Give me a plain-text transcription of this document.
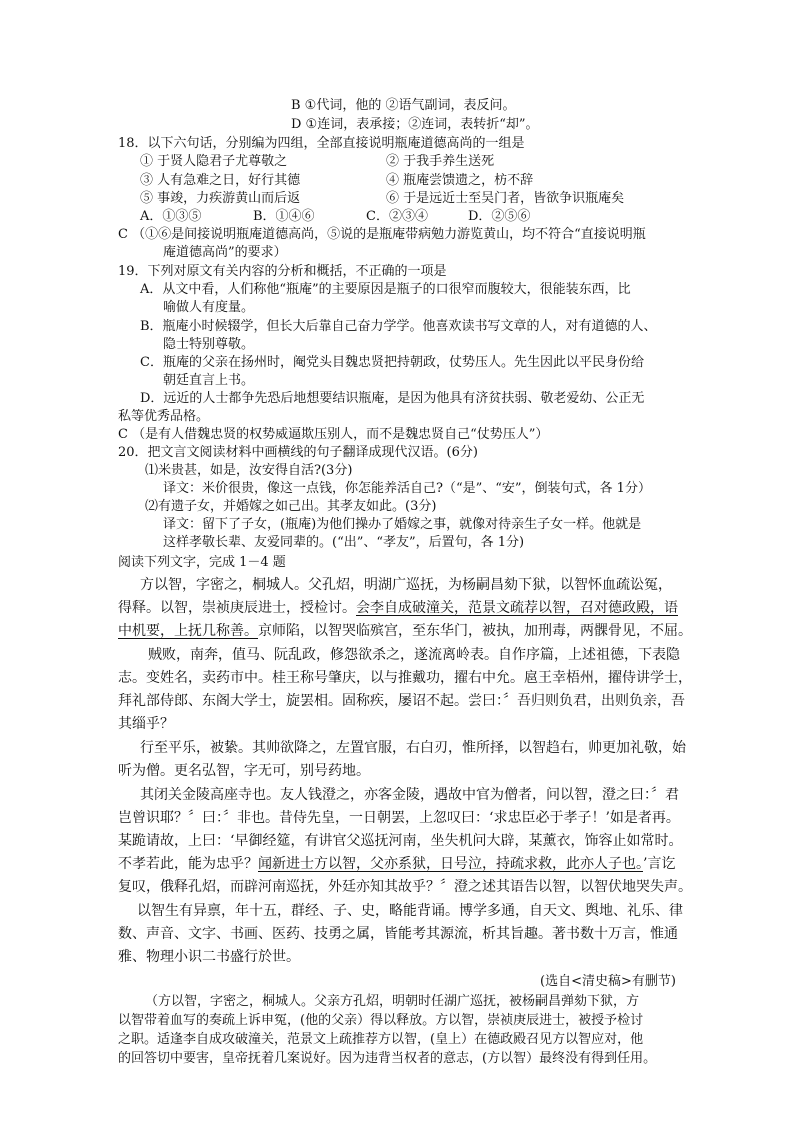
B ①代词，他的 ②语气副词，表反问。
D ①连词，表承接；②连词，表转折“却”。
18．以下六句话，分别编为四组，全部直接说明瓶庵道德高尚的一组是
① 于贤人隐君子尤尊敬之	② 于我手养生送死
③ 人有急难之日，好行其德	④ 瓶庵尝馈遗之，枋不辞
⑤ 事竣，力疾游黄山而后返	⑥ 于是远近士至吴门者，皆欲争识瓶庵矣
A．①③⑤	B．①④⑥	C．②③④	D．②⑤⑥
C （①⑥是间接说明瓶庵道德高尚，⑤说的是瓶庵带病勉力游览黄山，均不符合“直接说明瓶
庵道德高尚”的要求）
19．下列对原文有关内容的分析和概括，不正确的一项是
A．从文中看，人们称他“瓶庵”的主要原因是瓶子的口很窄而腹较大，很能装东西，比
喻做人有度量。
B．瓶庵小时候辍学，但长大后靠自己奋力学学。他喜欢读书写文章的人，对有道德的人、
隐士特别尊敬。
C．瓶庵的父亲在扬州时，阉党头目魏忠贤把持朝政，仗势压人。先生因此以平民身份给
朝廷直言上书。
D．远近的人士都争先恐后地想要结识瓶庵，是因为他具有济贫扶弱、敬老爱幼、公正无
私等优秀品格。
C （是有人借魏忠贤的权势威逼欺压别人，而不是魏忠贤自己“仗势压人”）
20．把文言文阅读材料中画横线的句子翻译成现代汉语。(6分)
⑴米贵甚，如是，汝安得自活?(3分)
译文：米价很贵，像这一点钱，你怎能养活自己?（“是”、“安”，倒装句式，各 1分）
⑵有遗子女，并婚嫁之如己出。其孝友如此。(3分)
译文：留下了子女，(瓶庵)为他们操办了婚嫁之事，就像对待亲生子女一样。他就是
这样孝敬长辈、友爱同辈的。(“出”、“孝友”，后置句，各 1分)
阅读下列文字，完成 1－4 题
方以智，字密之，桐城人。父孔炤，明湖广巡抚，为杨嗣昌劾下狱，以智怀血疏讼冤，
得释。以智，崇祯庚辰进士，授检讨。会李自成破潼关，范景文疏荐以智，召对德政殿，语
中机要，上抚几称善。京师陷，以智哭临殡宫，至东华门，被执，加刑毒，两髁骨见，不屈。
贼败，南奔，值马、阮乱政，修怨欲杀之，遂流离岭表。自作序篇，上述祖德，下表隐
志。变姓名，卖药市中。桂王称号肇庆，以与推戴功，擢右中允。扈王幸梧州，擢侍讲学士，
拜礼部侍郎、东阁大学士，旋罢相。固称疾，屡诏不起。尝曰：〞吾归则负君，出则负亲，吾
其缁乎？
行至平乐，被絷。其帅欲降之，左置官服，右白刃，惟所择，以智趋右，帅更加礼敬，始
听为僧。更名弘智，字无可，别号药地。
其闭关金陵高座寺也。友人钱澄之，亦客金陵，遇故中官为僧者，问以智，澄之曰：〞君
岂曾识耶？〞曰：〞非也。昔侍先皇，一日朝罢，上忽叹曰：‘求忠臣必于孝子！’如是者再。
某跪请故，上曰：‘早御经筵，有讲官父巡抚河南，坐失机问大辟，某薰衣，饰容止如常时。
不孝若此，能为忠乎？闻新进士方以智，父亦系狱，日号泣，持疏求救，此亦人子也。’言讫
复叹，俄释孔炤，而辟河南巡抚，外廷亦知其故乎？〞澄之述其语告以智，以智伏地哭失声。
以智生有异禀，年十五，群经、子、史，略能背诵。博学多通，自天文、舆地、礼乐、律
数、声音、文字、书画、医药、技勇之属，皆能考其源流，析其旨趣。著书数十万言，惟通
雅、物理小识二书盛行於世。
(选自<清史稿>有删节)
（方以智，字密之，桐城人。父亲方孔炤，明朝时任湖广巡抚，被杨嗣昌弹劾下狱，方
以智带着血写的奏疏上诉申冤，(他的父亲）得以释放。方以智，崇祯庚辰进士，被授予检讨
之职。适逢李自成攻破潼关，范景文上疏推荐方以智，(皇上）在德政殿召见方以智应对，他
的回答切中要害，皇帝抚着几案说好。因为违背当权者的意志，(方以智）最终没有得到任用。
